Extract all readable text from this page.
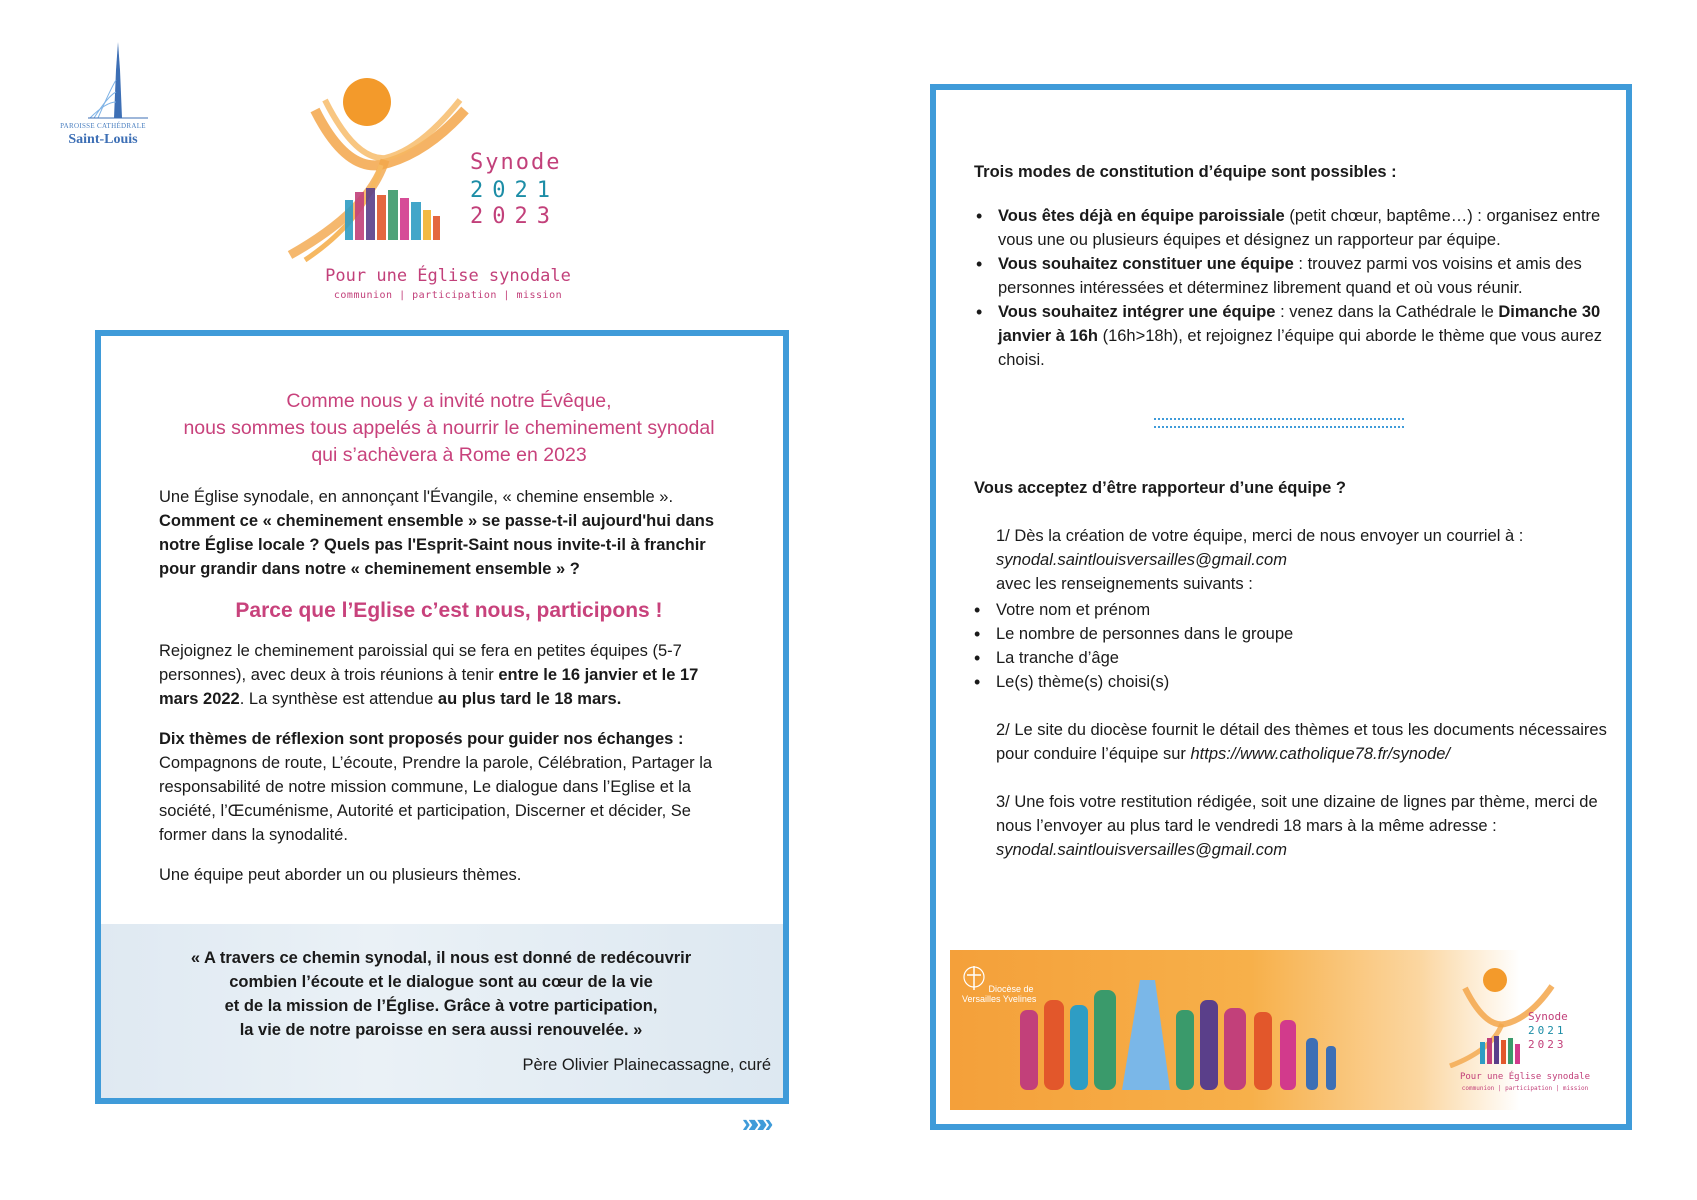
PAROISSE CATHÉDRALE
Saint-Louis
Synode
2021
2023
Pour une Église synodale
communion | participation | mission
Comme nous y a invité notre Évêque,
nous sommes tous appelés à nourrir le cheminement synodal
qui s’achèvera à Rome en 2023
Une Église synodale, en annonçant l'Évangile, « chemine ensemble ». Comment ce « cheminement ensemble » se passe-t-il aujourd'hui dans notre Église locale ? Quels pas l'Esprit-Saint nous invite-t-il à franchir pour grandir dans notre « cheminement ensemble » ?
Parce que l’Eglise c’est nous, participons !
Rejoignez le cheminement paroissial qui se fera en petites équipes (5-7 personnes), avec deux à trois réunions à tenir entre le 16 janvier et le 17 mars 2022. La synthèse est attendue au plus tard le 18 mars.
Dix thèmes de réflexion sont proposés pour guider nos échanges :
Compagnons de route, L’écoute, Prendre la parole, Célébration, Partager la responsabilité de notre mission commune, Le dialogue dans l’Eglise et la société, l’Œcuménisme, Autorité et participation, Discerner et décider, Se former dans la synodalité.
Une équipe peut aborder un ou plusieurs thèmes.
« A travers ce chemin synodal, il nous est donné de redécouvrir
combien l’écoute et le dialogue sont au cœur de la vie
et de la mission de l’Église. Grâce à votre participation,
la vie de notre paroisse en sera aussi renouvelée. »
Père Olivier Plainecassagne, curé
»»»
Trois modes de constitution d’équipe sont possibles :
• Vous êtes déjà en équipe paroissiale (petit chœur, baptême…) : organisez entre vous une ou plusieurs équipes et désignez un rapporteur par équipe.
• Vous souhaitez constituer une équipe : trouvez parmi vos voisins et amis des personnes intéressées et déterminez librement quand et où vous réunir.
• Vous souhaitez intégrer une équipe : venez dans la Cathédrale le Dimanche 30 janvier à 16h (16h>18h), et rejoignez l’équipe qui aborde le thème que vous aurez choisi.
Vous acceptez d’être rapporteur d’une équipe ?
1/ Dès la création de votre équipe, merci de nous envoyer un courriel à :
synodal.saintlouisversailles@gmail.com
avec les renseignements suivants :
• Votre nom et prénom
• Le nombre de personnes dans le groupe
• La tranche d’âge
• Le(s) thème(s) choisi(s)
2/ Le site du diocèse fournit le détail des thèmes et tous les documents nécessaires pour conduire l’équipe sur https://www.catholique78.fr/synode/
3/ Une fois votre restitution rédigée, soit une dizaine de lignes par thème, merci de nous l’envoyer au plus tard le vendredi 18 mars à la même adresse :
synodal.saintlouisversailles@gmail.com
Diocèse de Versailles Yvelines
Synode
2021
2023
Pour une Église synodale
communion | participation | mission
